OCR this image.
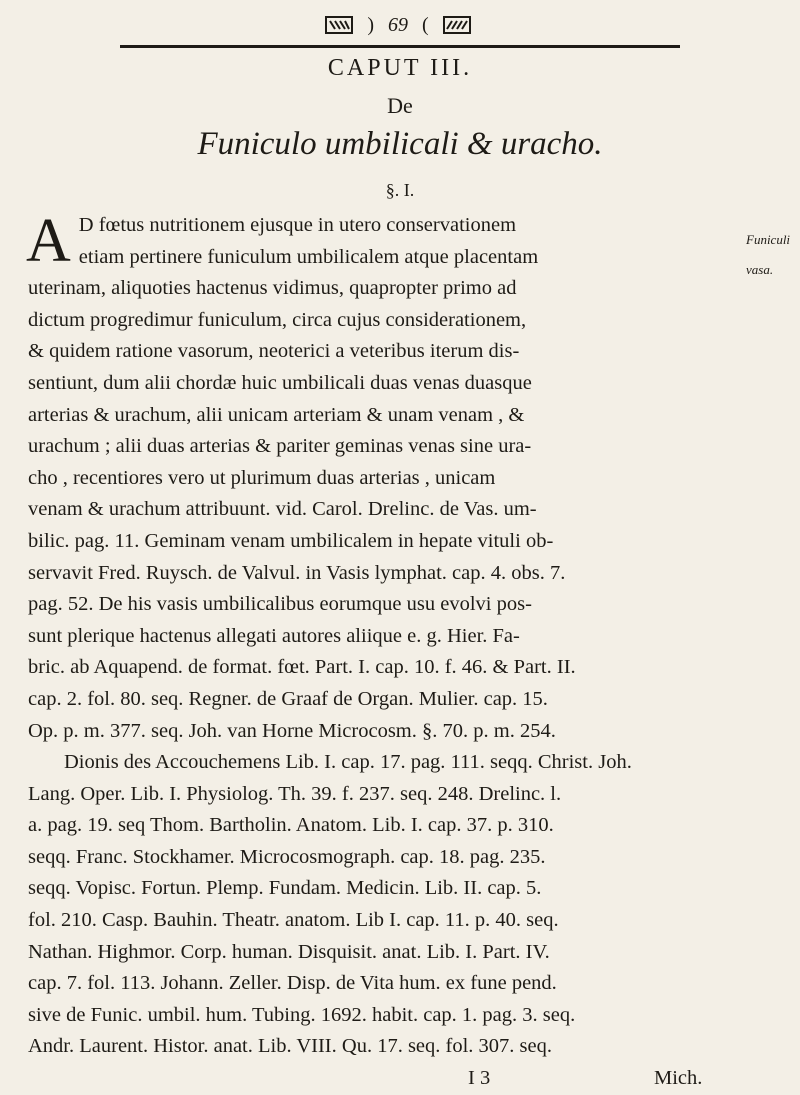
) 69 (
CAPUT III.
De
Funiculo umbilicali & uracho.
§. I.
Funiculi
vasa.
A D fœtus nutritionem ejusque in utero conservationem
etiam pertinere funiculum umbilicalem atque placentam
uterinam, aliquoties hactenus vidimus, quapropter primo ad
dictum progredimur funiculum, circa cujus considerationem,
& quidem ratione vasorum, neoterici a veteribus iterum dis-
sentiunt, dum alii chordæ huic umbilicali duas venas duasque
arterias & urachum, alii unicam arteriam & unam venam , &
urachum ; alii duas arterias & pariter geminas venas sine ura-
cho , recentiores vero ut plurimum duas arterias , unicam
venam & urachum attribuunt. vid. Carol. Drelinc. de Vas. um-
bilic. pag. 11. Geminam venam umbilicalem in hepate vituli ob-
servavit Fred. Ruysch. de Valvul. in Vasis lymphat. cap. 4. obs. 7.
pag. 52. De his vasis umbilicalibus eorumque usu evolvi pos-
sunt plerique hactenus allegati autores aliique e. g. Hier. Fa-
bric. ab Aquapend. de format. fœt. Part. I. cap. 10. f. 46. & Part. II.
cap. 2. fol. 80. seq. Regner. de Graaf de Organ. Mulier. cap. 15.
Op. p. m. 377. seq. Joh. van Horne Microcosm. §. 70. p. m. 254.
Dionis des Accouchemens Lib. I. cap. 17. pag. 111. seqq. Christ. Joh.
Lang. Oper. Lib. I. Physiolog. Th. 39. f. 237. seq. 248. Drelinc. l.
a. pag. 19. seq Thom. Bartholin. Anatom. Lib. I. cap. 37. p. 310.
seqq. Franc. Stockhamer. Microcosmograph. cap. 18. pag. 235.
seqq. Vopisc. Fortun. Plemp. Fundam. Medicin. Lib. II. cap. 5.
fol. 210. Casp. Bauhin. Theatr. anatom. Lib I. cap. 11. p. 40. seq.
Nathan. Highmor. Corp. human. Disquisit. anat. Lib. I. Part. IV.
cap. 7. fol. 113. Johann. Zeller. Disp. de Vita hum. ex fune pend.
sive de Funic. umbil. hum. Tubing. 1692. habit. cap. 1. pag. 3. seq.
Andr. Laurent. Histor. anat. Lib. VIII. Qu. 17. seq. fol. 307. seq.
I 3	Mich.
